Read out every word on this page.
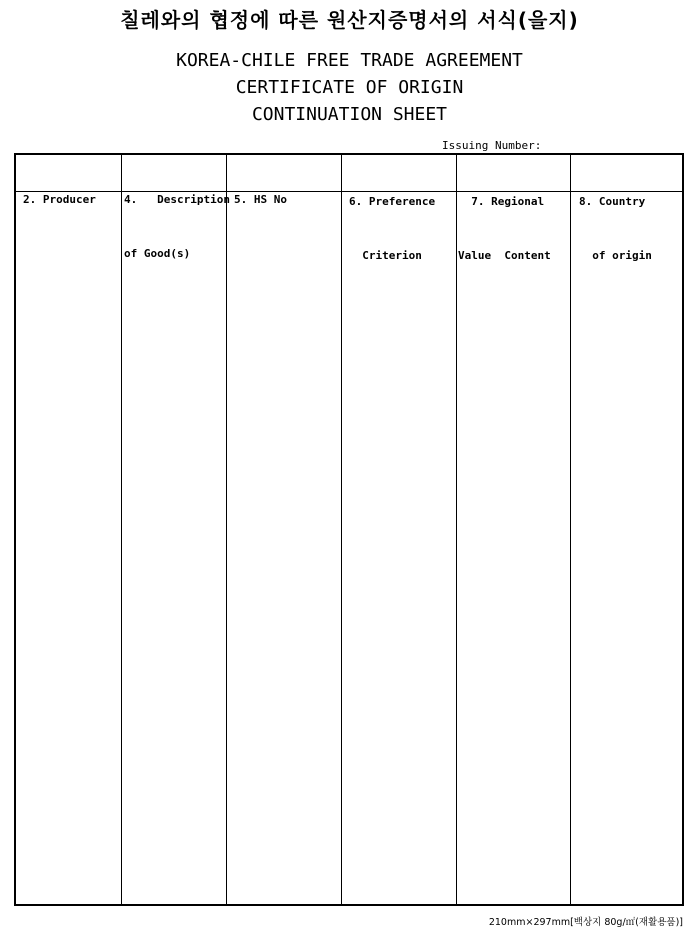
칠레와의 협정에 따른 원산지증명서의 서식(을지)
KOREA-CHILE FREE TRADE AGREEMENT
CERTIFICATE OF ORIGIN
CONTINUATION SHEET
Issuing Number:

2. Producer

	4.   Description

of Good(s)

5. HS No

	6. Preference

Criterion

7. Regional

Value  Content

8. Country

of origin

210mm×297mm[백상지 80g/㎡(재활용품)]
